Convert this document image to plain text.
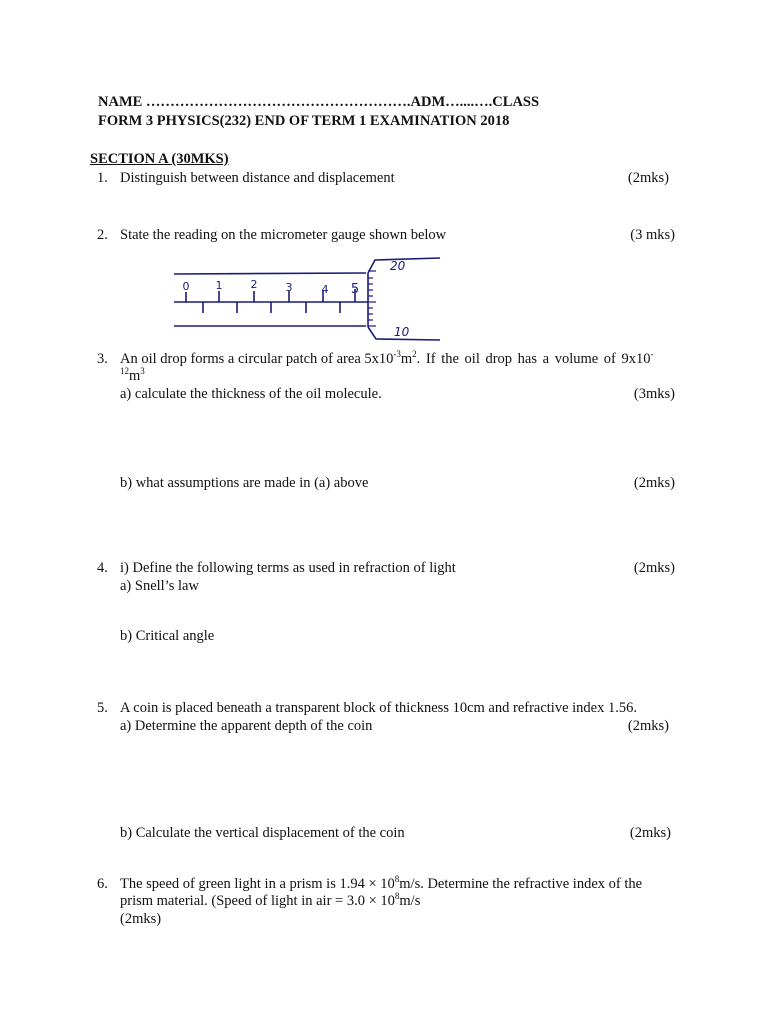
NAME ……………………………………………….ADM…....….CLASS
FORM 3 PHYSICS(232) END OF TERM 1 EXAMINATION 2018
SECTION A (30MKS)
1. Distinguish between distance and displacement	(2mks)
2. State the reading on the micrometer gauge shown below	(3 mks)
0 1	2	3	4 5
20
10
3. An oil drop forms a circular patch of area $5x10^{-3}m^2$. If the oil drop has a volume of 9x10-
$^{12}m^3$
a) calculate the thickness of the oil molecule.	(3mks)
b) what assumptions are made in (a) above	(2mks)
4. i) Define the following terms as used in refraction of light	(2mks)
a) Snell’s law
b) Critical angle
5. A coin is placed beneath a transparent block of thickness 10cm and refractive index 1.56.
a) Determine the apparent depth of the coin	(2mks)
b) Calculate the vertical displacement of the coin	(2mks)
6. The speed of green light in a prism is $1.94 \times 10^8m/s$. Determine the refractive index of the
prism material. (Speed of light in air = $3.0 \times 10^8m/s$
(2mks)
